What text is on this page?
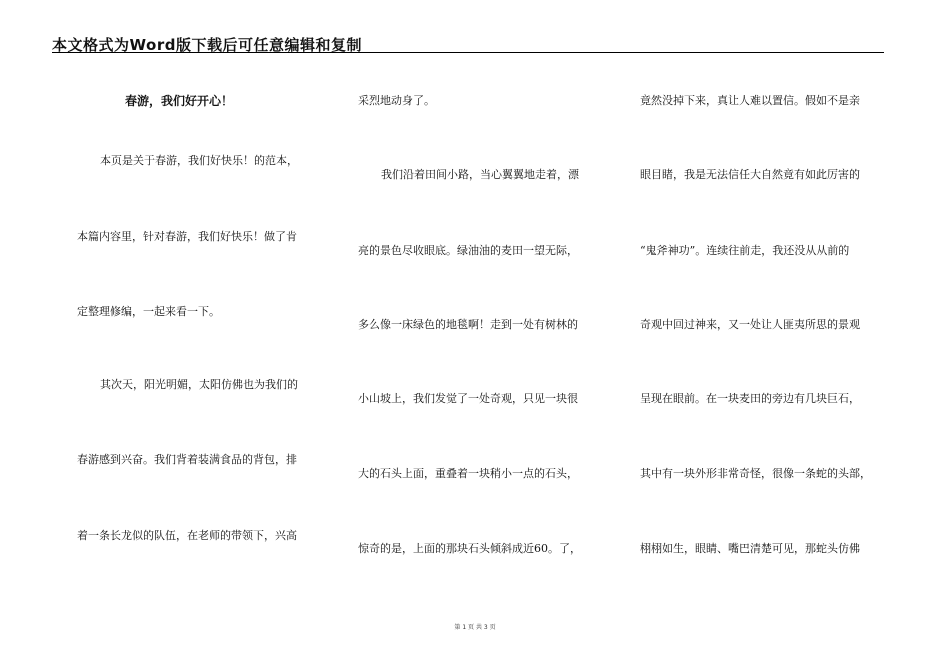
本文格式为Word版下载后可任意编辑和复制
春游，我们好开心！
本页是关于春游，我们好快乐！的范本，
本篇内容里，针对春游，我们好快乐！做了肯
定整理修编，一起来看一下。
其次天，阳光明媚，太阳仿佛也为我们的
春游感到兴奋。我们背着装满食品的背包，排
着一条长龙似的队伍，在老师的带领下，兴高
采烈地动身了。
我们沿着田间小路，当心翼翼地走着，漂
亮的景色尽收眼底。绿油油的麦田一望无际，
多么像一床绿色的地毯啊！走到一处有树林的
小山坡上，我们发觉了一处奇观，只见一块很
大的石头上面，重叠着一块稍小一点的石头，
惊奇的是，上面的那块石头倾斜成近60。了，
竟然没掉下来，真让人难以置信。假如不是亲
眼目睹，我是无法信任大自然竟有如此厉害的
“鬼斧神功”。连续往前走，我还没从从前的
奇观中回过神来，又一处让人匪夷所思的景观
呈现在眼前。在一块麦田的旁边有几块巨石，
其中有一块外形非常奇怪，很像一条蛇的头部，
栩栩如生，眼睛、嘴巴清楚可见，那蛇头仿佛
第 1 页 共 3 页
